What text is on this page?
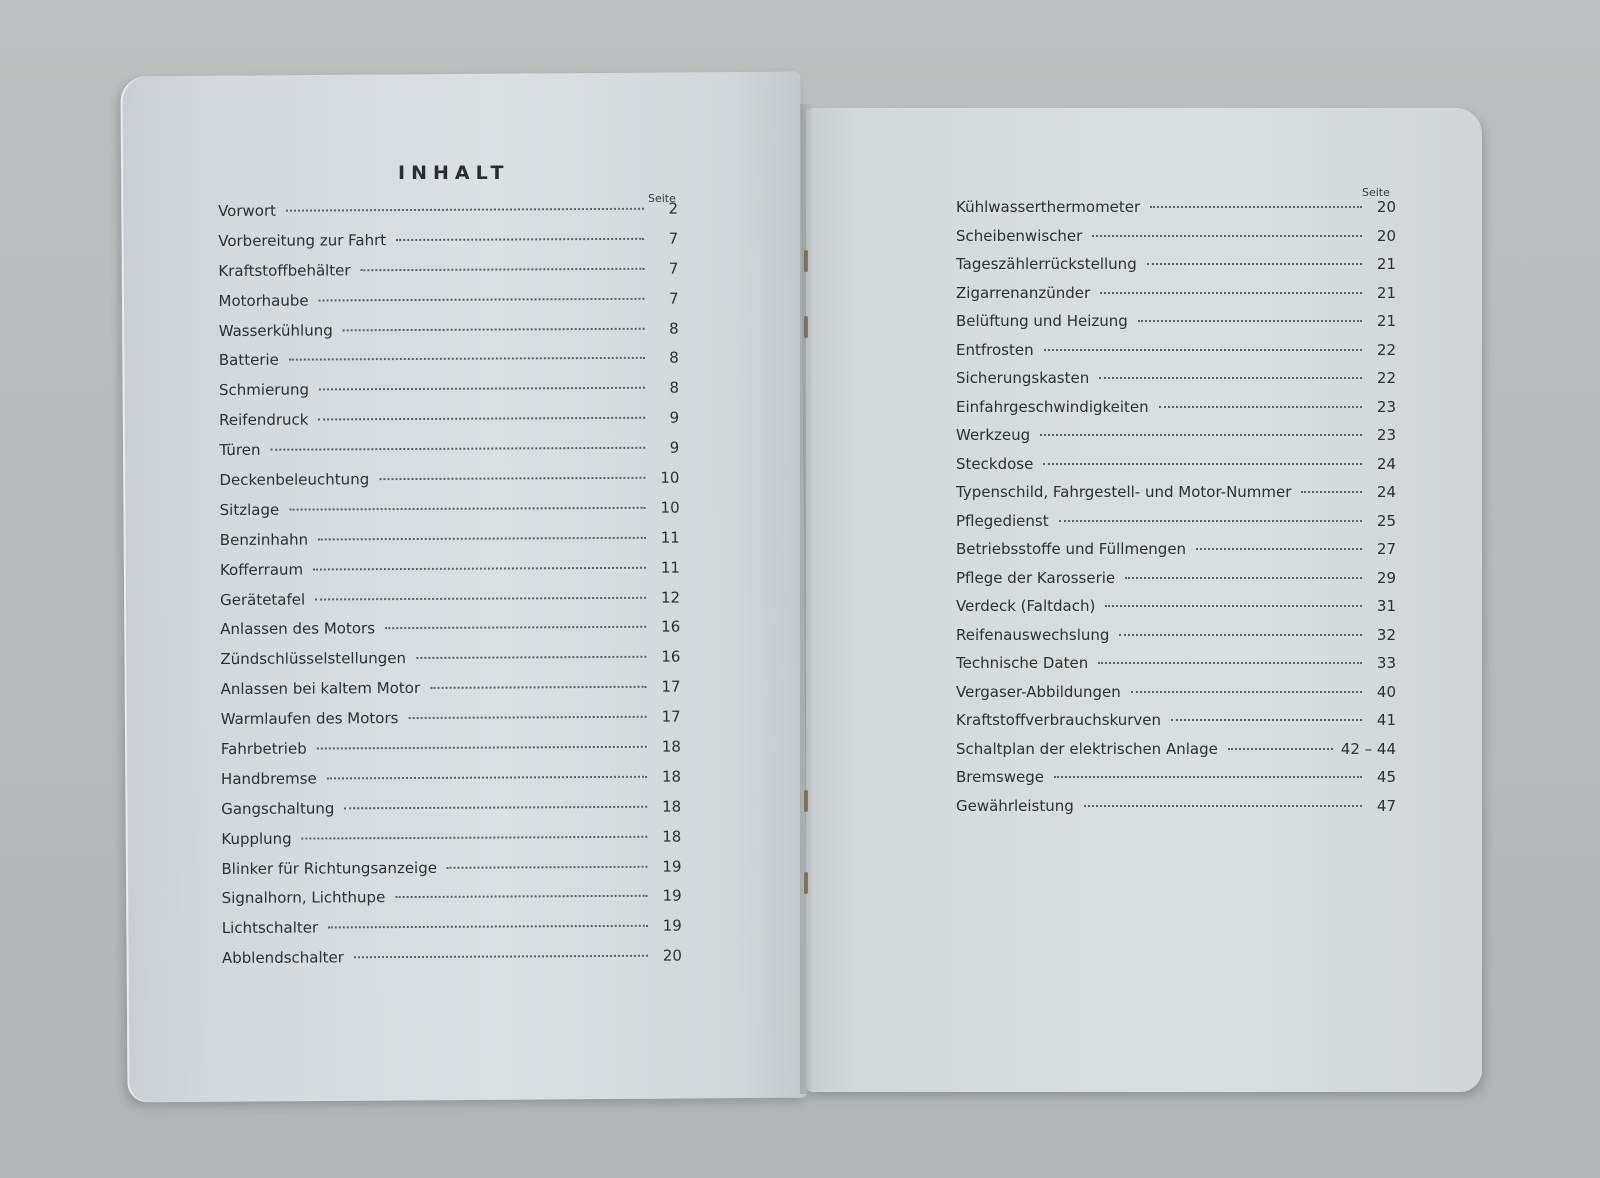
INHALT
Seite
Vorwort	2
Vorbereitung zur Fahrt	7
Kraftstoffbehälter	7
Motorhaube	7
Wasserkühlung	8
Batterie	8
Schmierung	8
Reifendruck	9
Türen	9
Deckenbeleuchtung	10
Sitzlage	10
Benzinhahn	11
Kofferraum	11
Gerätetafel	12
Anlassen des Motors	16
Zündschlüsselstellungen	16
Anlassen bei kaltem Motor	17
Warmlaufen des Motors	17
Fahrbetrieb	18
Handbremse	18
Gangschaltung	18
Kupplung	18
Blinker für Richtungsanzeige	19
Signalhorn, Lichthupe	19
Lichtschalter	19
Abblendschalter	20
Seite
Kühlwasserthermometer	20
Scheibenwischer	20
Tageszählerrückstellung	21
Zigarrenanzünder	21
Belüftung und Heizung	21
Entfrosten	22
Sicherungskasten	22
Einfahrgeschwindigkeiten	23
Werkzeug	23
Steckdose	24
Typenschild, Fahrgestell- und Motor-Nummer	24
Pflegedienst	25
Betriebsstoffe und Füllmengen	27
Pflege der Karosserie	29
Verdeck (Faltdach)	31
Reifenauswechslung	32
Technische Daten	33
Vergaser-Abbildungen	40
Kraftstoffverbrauchskurven	41
Schaltplan der elektrischen Anlage	42 – 44
Bremswege	45
Gewährleistung	47
